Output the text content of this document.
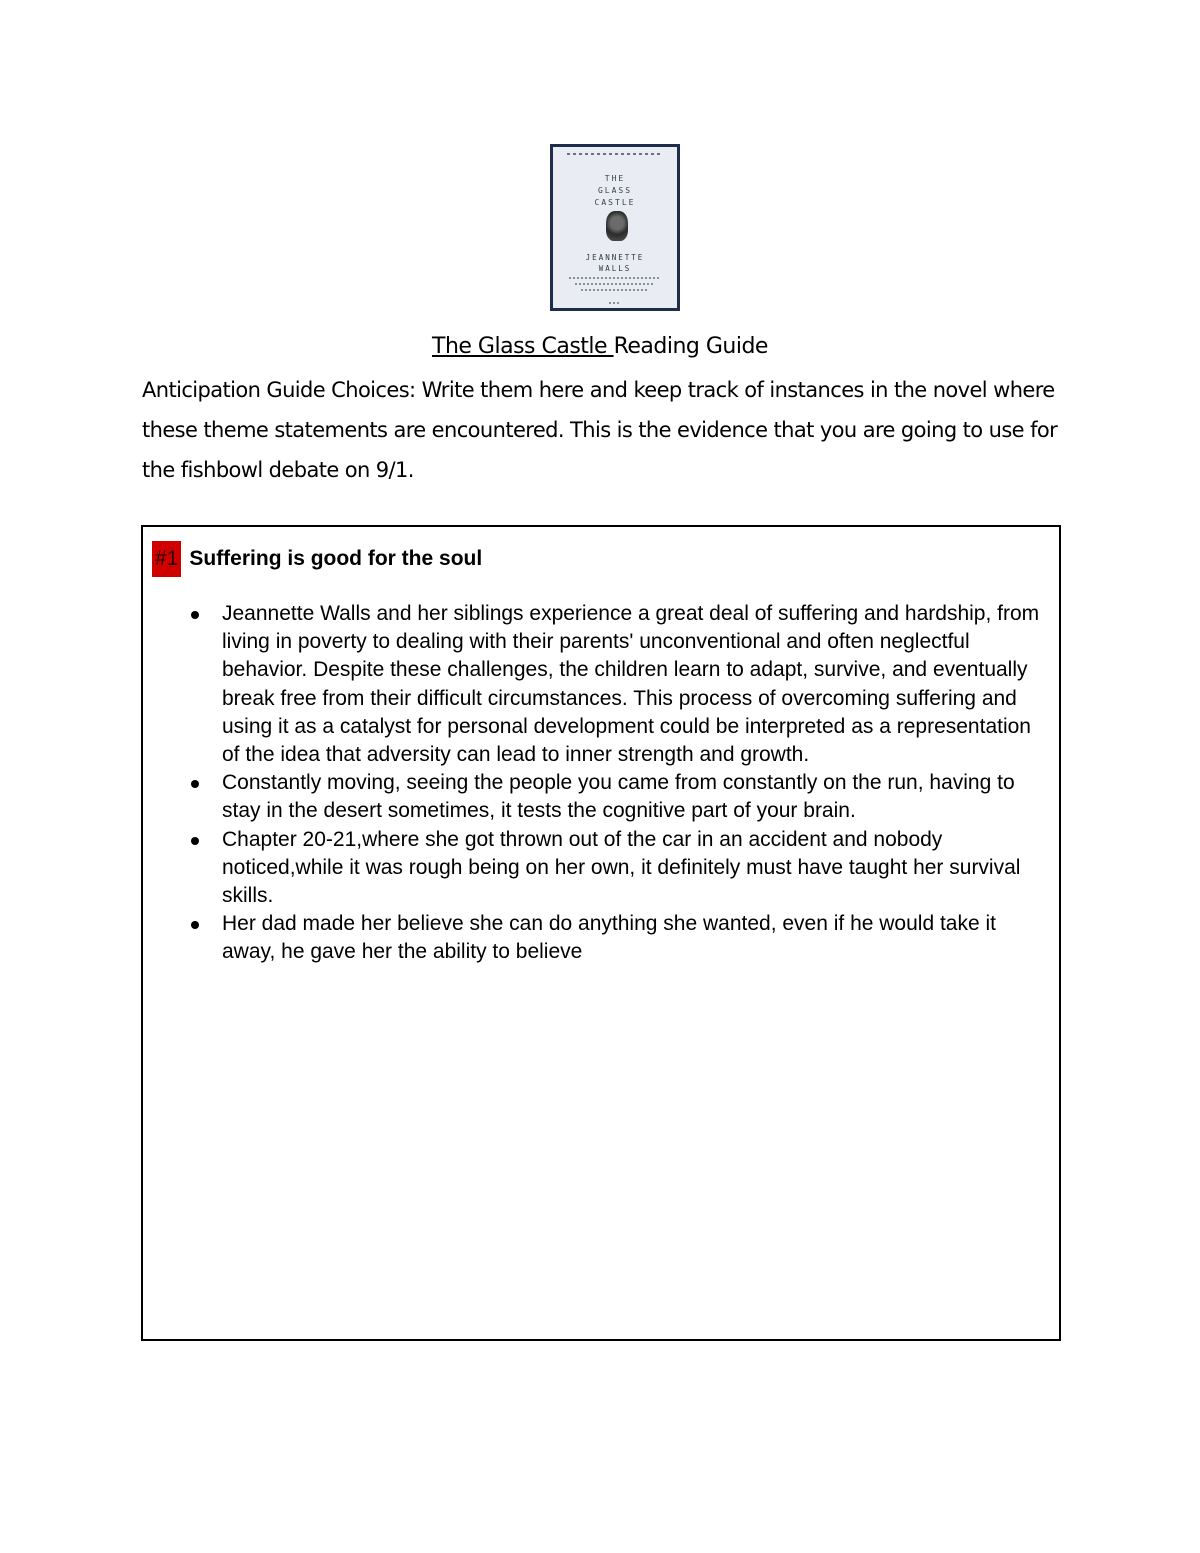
THE
GLASS
CASTLE
JEANNETTE
WALLS
The Glass Castle Reading Guide
Anticipation Guide Choices: Write them here and keep track of instances in the novel where these theme statements are encountered. This is the evidence that you are going to use for the fishbowl debate on 9/1.
#1 Suffering is good for the soul
Jeannette Walls and her siblings experience a great deal of suffering and hardship, from living in poverty to dealing with their parents' unconventional and often neglectful behavior. Despite these challenges, the children learn to adapt, survive, and eventually break free from their difficult circumstances. This process of overcoming suffering and using it as a catalyst for personal development could be interpreted as a representation of the idea that adversity can lead to inner strength and growth.
Constantly moving, seeing the people you came from constantly on the run, having to stay in the desert sometimes, it tests the cognitive part of your brain.
Chapter 20-21,where she got thrown out of the car in an accident and nobody noticed,while it was rough being on her own, it definitely must have taught her survival skills.
Her dad made her believe she can do anything she wanted, even if he would take it away, he gave her the ability to believe
